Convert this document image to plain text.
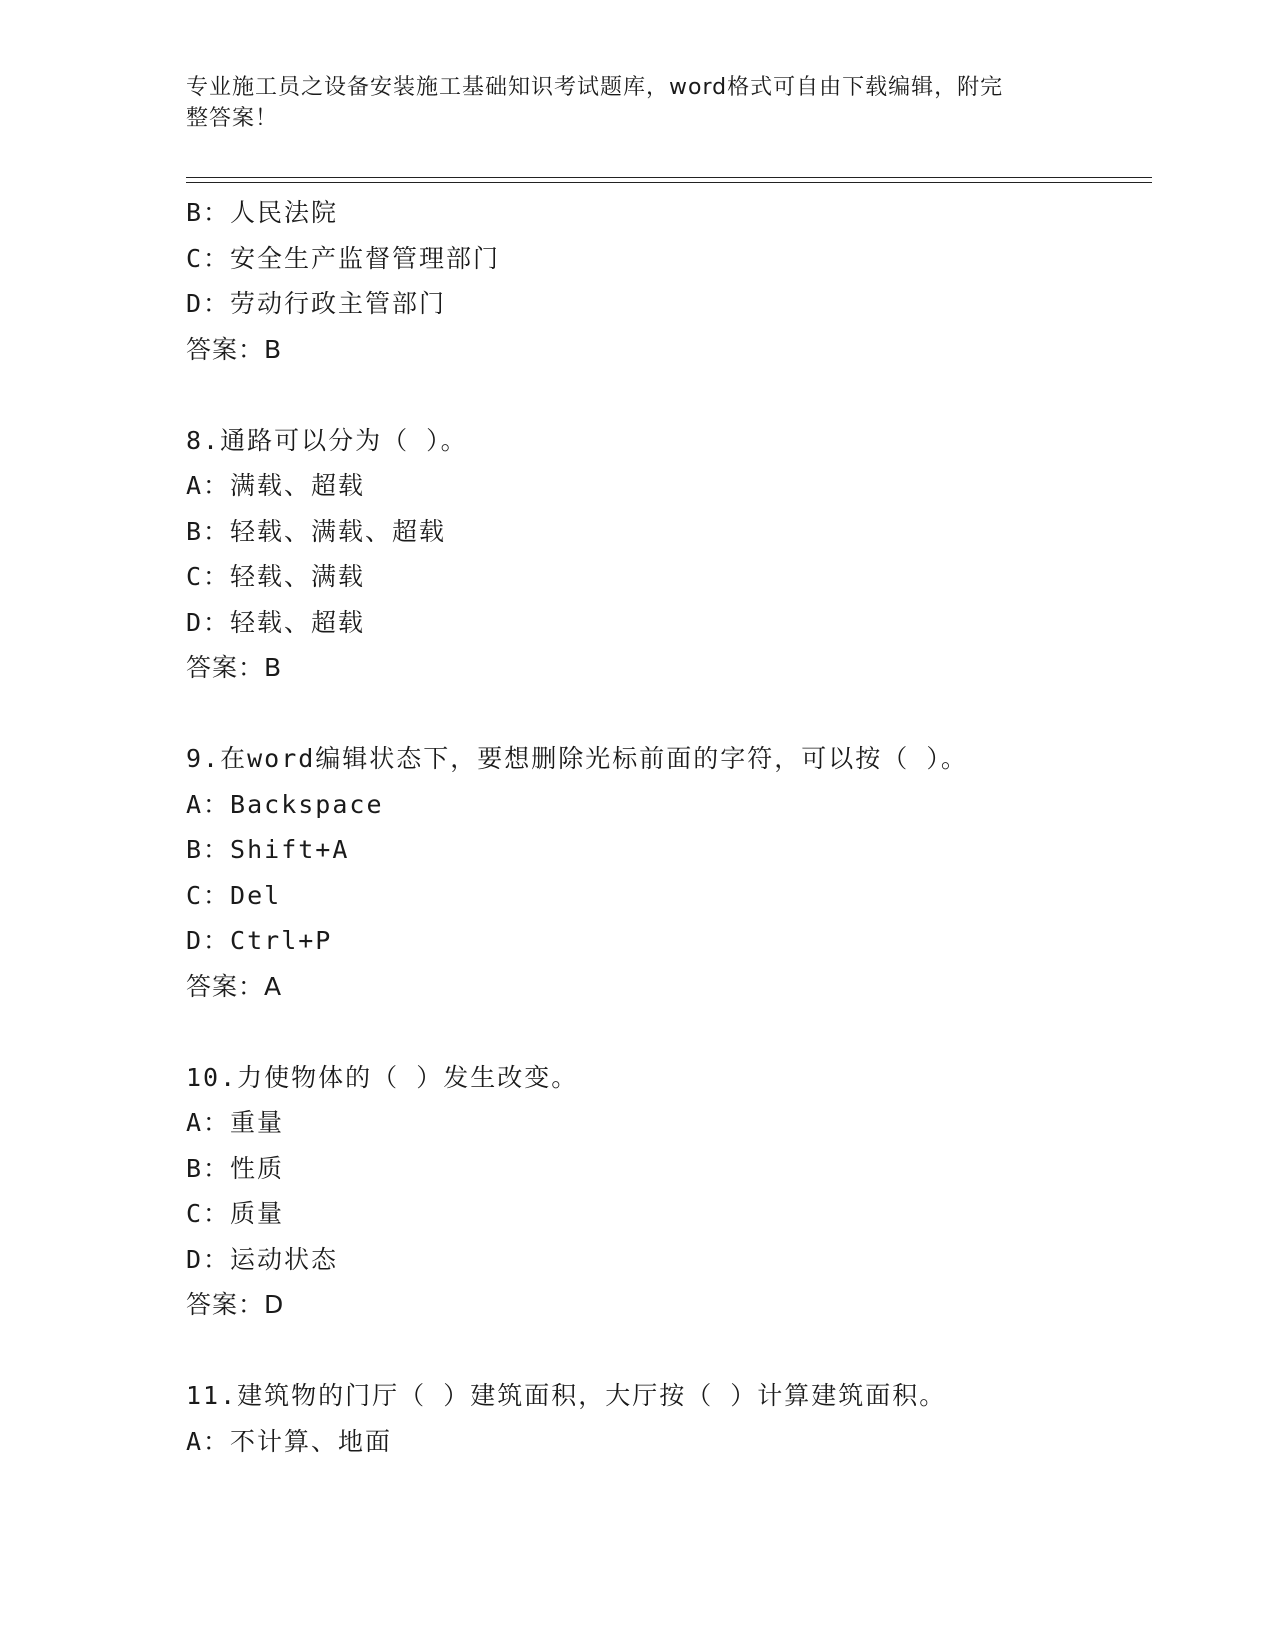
专业施工员之设备安装施工基础知识考试题库，word格式可自由下载编辑，附完
整答案！
B：人民法院
C：安全生产监督管理部门
D：劳动行政主管部门
答案：B
8.通路可以分为（ ）。
A：满载、超载
B：轻载、满载、超载
C：轻载、满载
D：轻载、超载
答案：B
9.在word编辑状态下，要想删除光标前面的字符，可以按（ ）。
A：Backspace
B：Shift+A
C：Del
D：Ctrl+P
答案：A
10.力使物体的（ ）发生改变。
A：重量
B：性质
C：质量
D：运动状态
答案：D
11.建筑物的门厅（ ）建筑面积，大厅按（ ）计算建筑面积。
A：不计算、地面
